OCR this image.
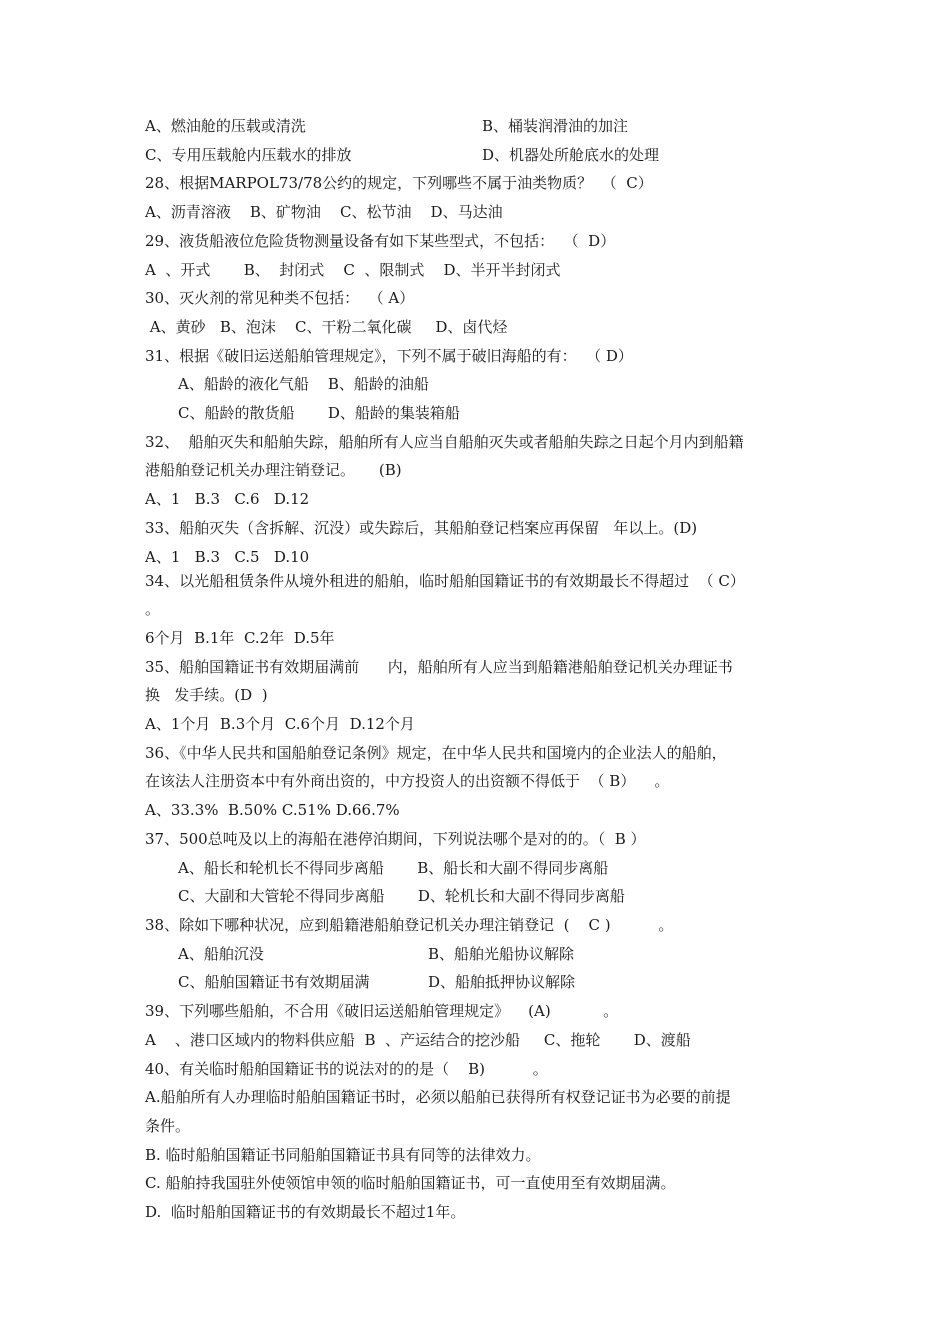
A、燃油舱的压载或清洗	B、桶装润滑油的加注
C、专用压载舱内压载水的排放	D、机器处所舱底水的处理
28、根据MARPOL73/78公约的规定，下列哪些不属于油类物质？  （  C）
A、沥青溶液    B、矿物油    C、松节油    D、马达油
29、液货船液位危险货物测量设备有如下某些型式，不包括：  （  D）
A  、开式       B、  封闭式    C  、限制式    D、半开半封闭式
30、灭火剂的常见种类不包括：  （ A）
A、黄砂   B、泡沫    C、干粉二氧化碳     D、卤代烃
31、根据《破旧运送船舶管理规定》，下列不属于破旧海船的有：  （ D）
A、船龄的液化气船    B、船龄的油船
C、船龄的散货船       D、船龄的集装箱船
32、  船舶灭失和船舶失踪，船舶所有人应当自船舶灭失或者船舶失踪之日起个月内到船籍
港船舶登记机关办理注销登记。     (B)
A、1   B.3   C.6   D.12
33、船舶灭失（含拆解、沉没）或失踪后，其船舶登记档案应再保留   年以上。(D)
A、1   B.3   C.5   D.10
34、以光船租赁条件从境外租进的船舶，临时船舶国籍证书的有效期最长不得超过  （ C）
。
6个月  B.1年  C.2年  D.5年
35、船舶国籍证书有效期届满前      内，船舶所有人应当到船籍港船舶登记机关办理证书
换   发手续。(D  )
A、1个月  B.3个月  C.6个月  D.12个月
36、《中华人民共和国船舶登记条例》规定，在中华人民共和国境内的企业法人的船舶，
在该法人注册资本中有外商出资的，中方投资人的出资额不得低于  （ B）    。
A、33.3%  B.50% C.51% D.66.7%
37、500总吨及以上的海船在港停泊期间，下列说法哪个是对的的。（  B ）
A、船长和轮机长不得同步离船       B、船长和大副不得同步离船
C、大副和大管轮不得同步离船       D、轮机长和大副不得同步离船
38、除如下哪种状况，应到船籍港船舶登记机关办理注销登记  (    C )          。
A、船舶沉没	B、船舶光船协议解除
C、船舶国籍证书有效期届满	D、船舶抵押协议解除
39、下列哪些船舶，不合用《破旧运送船舶管理规定》    (A)           。
A    、港口区域内的物料供应船  B  、产运结合的挖沙船     C、拖轮       D、渡船
40、有关临时船舶国籍证书的说法对的的是（    B)          。
A.船舶所有人办理临时船舶国籍证书时，必须以船舶已获得所有权登记证书为必要的前提
条件。
B. 临时船舶国籍证书同船舶国籍证书具有同等的法律效力。
C. 船舶持我国驻外使领馆申领的临时船舶国籍证书，可一直使用至有效期届满。
D.  临时船舶国籍证书的有效期最长不超过1年。
